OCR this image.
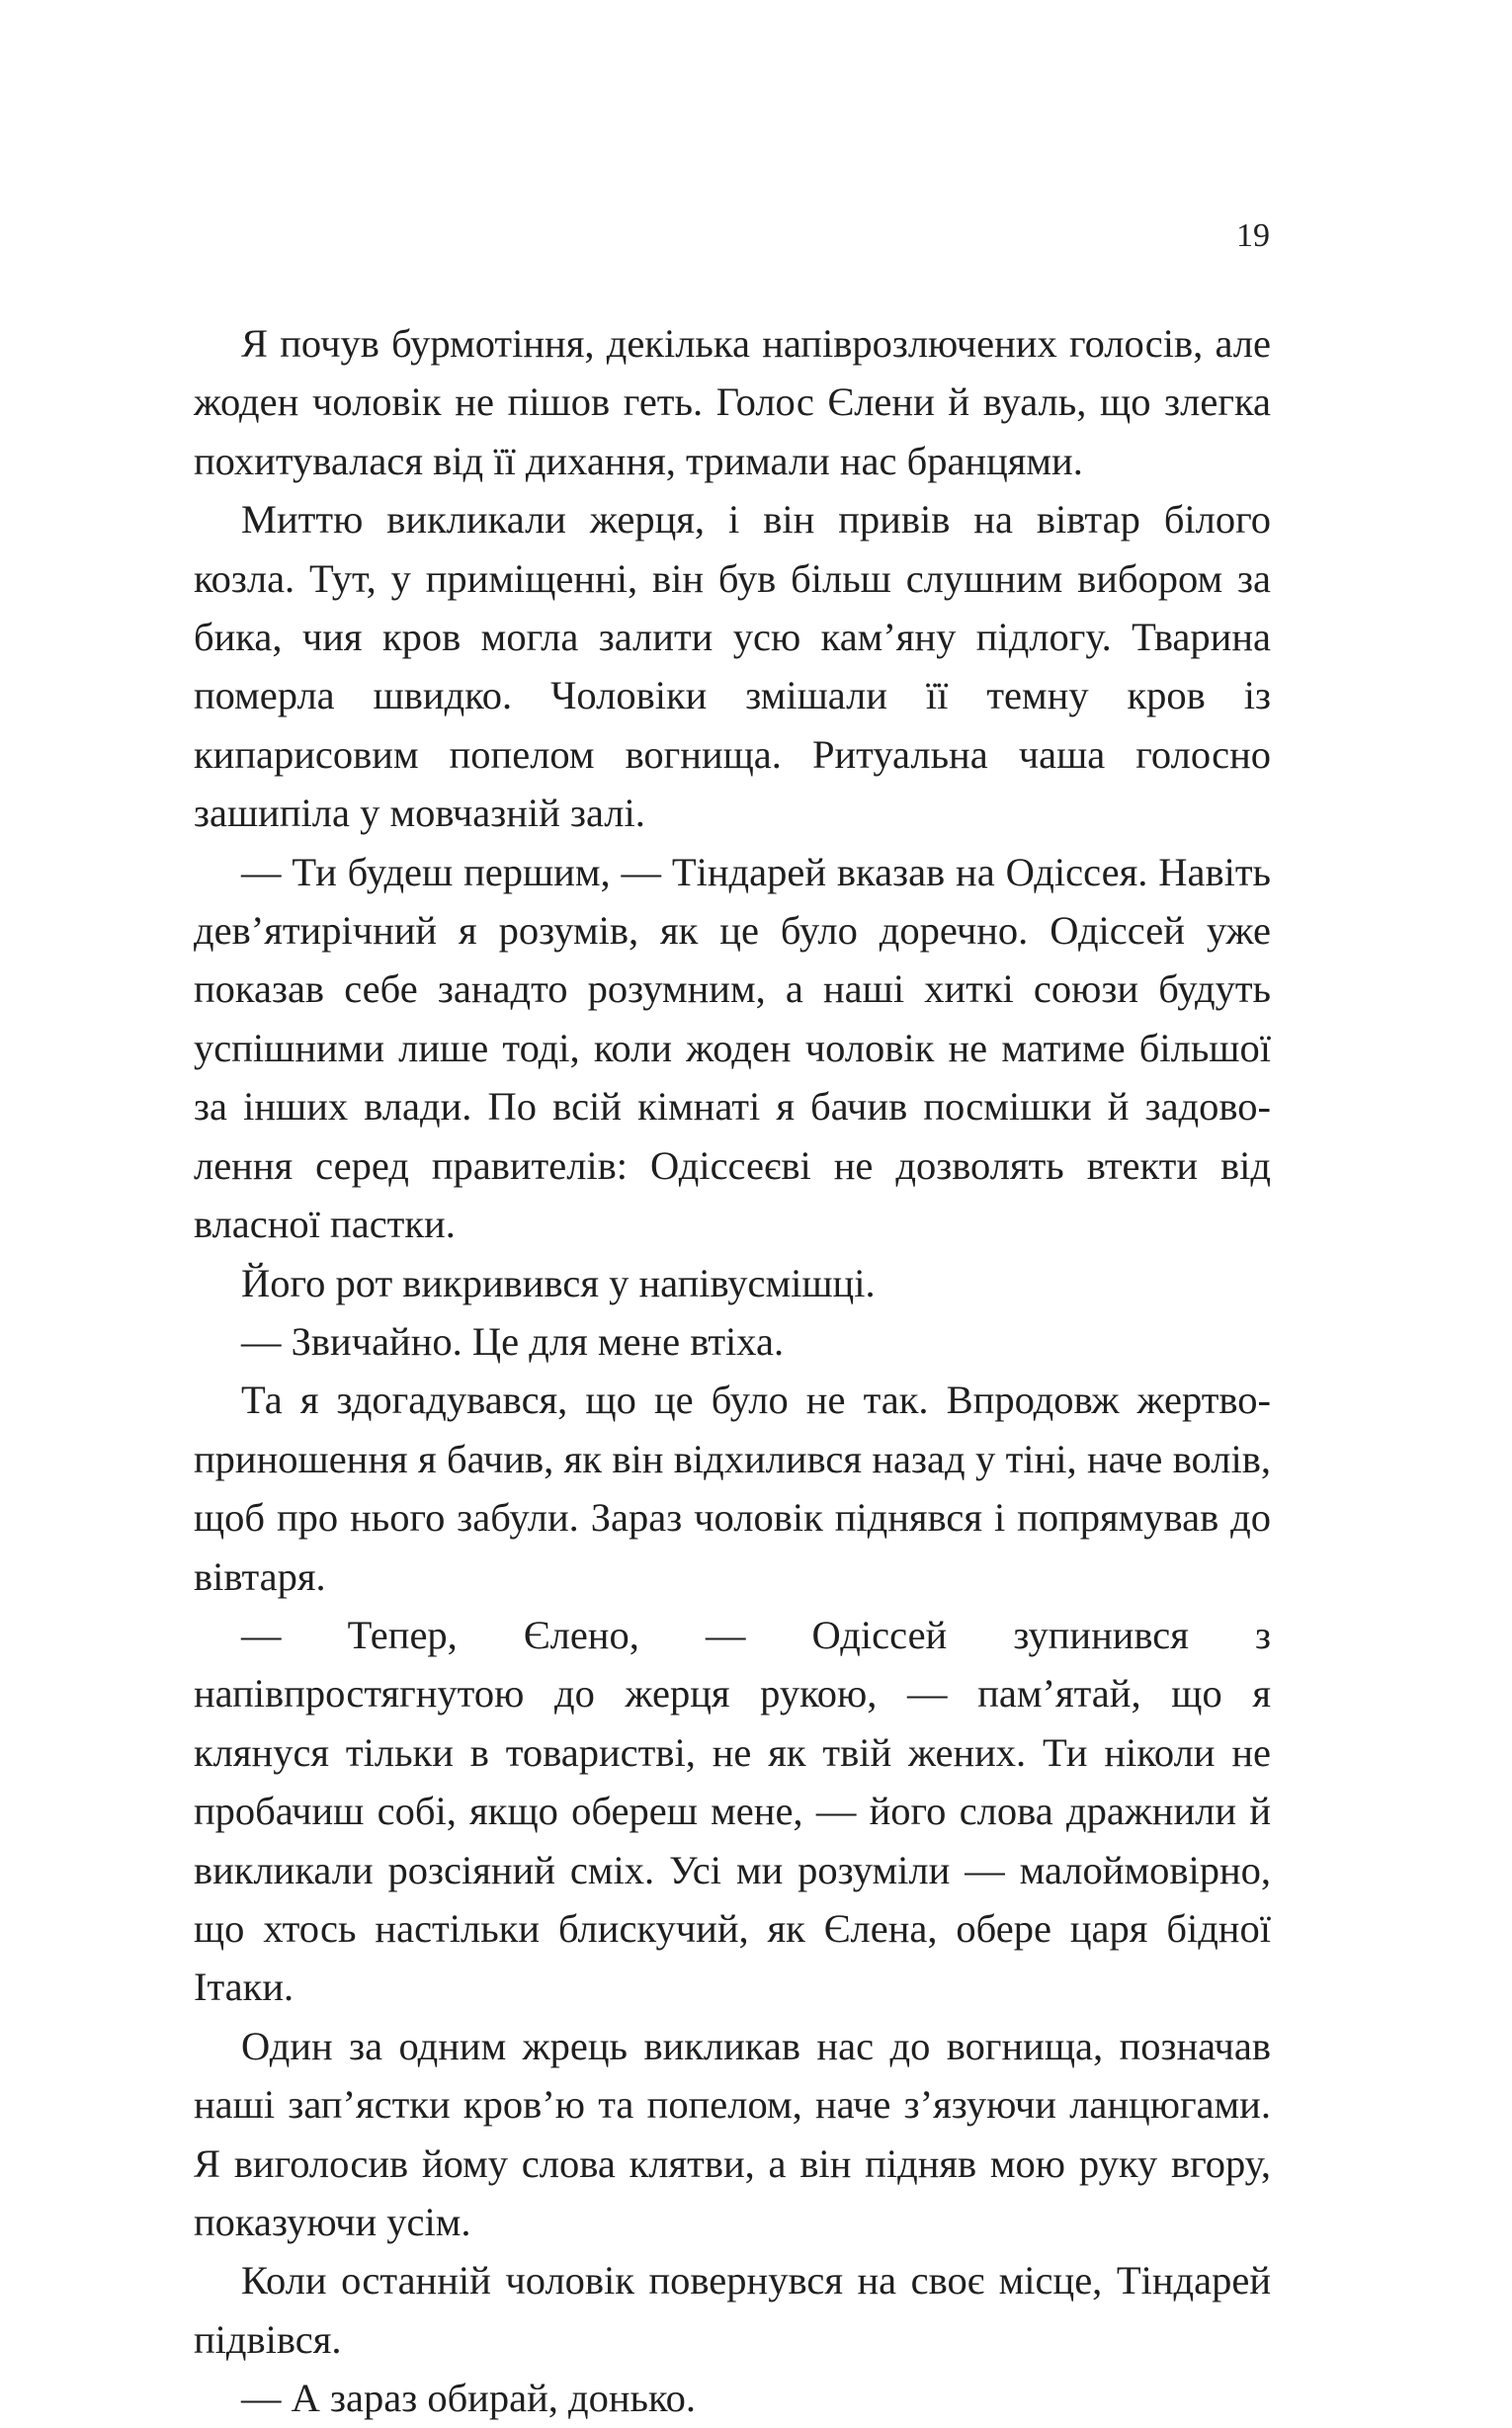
19

Я почув бурмотіння, декілька напіврозлючених голосів, але жоден чоловік не пішов геть. Голос Єлени й вуаль, що злегка похитувалася від її дихання, тримали нас бранцями.

Миттю викликали жерця, і він привів на вівтар білого козла. Тут, у приміщенні, він був більш слушним вибором за бика, чия кров могла залити усю кам’яну підлогу. Тварина померла швидко. Чоловіки змішали її темну кров із кипарисовим попелом вогнища. Ритуальна чаша голосно зашипіла у мовчазній залі.

— Ти будеш першим, — Тіндарей вказав на Одіссея. Навіть дев’ятирічний я розумів, як це було доречно. Одіссей уже показав себе занадто розумним, а наші хиткі союзи будуть успішними лише тоді, коли жоден чоловік не матиме більшої за інших влади. По всій кімнаті я бачив посмішки й задоволення серед правителів: Одіссеєві не дозволять втекти від власної пастки.

Його рот викривився у напівусмішці.

— Звичайно. Це для мене втіха.

Та я здогадувався, що це було не так. Впродовж жертвоприношення я бачив, як він відхилився назад у тіні, наче волів, щоб про нього забули. Зараз чоловік піднявся і попрямував до вівтаря.

— Тепер, Єлено, — Одіссей зупинився з напівпростягнутою до жерця рукою, — пам’ятай, що я клянуся тільки в товаристві, не як твій жених. Ти ніколи не пробачиш собі, якщо обереш мене, — його слова дражнили й викликали розсіяний сміх. Усі ми розуміли — малоймовірно, що хтось настільки блискучий, як Єлена, обере царя бідної Ітаки.

Один за одним жрець викликав нас до вогнища, позначав наші зап’ястки кров’ю та попелом, наче з’язуючи ланцюгами. Я виголосив йому слова клятви, а він підняв мою руку вгору, показуючи усім.

Коли останній чоловік повернувся на своє місце, Тіндарей підвівся.

— А зараз обирай, донько.
